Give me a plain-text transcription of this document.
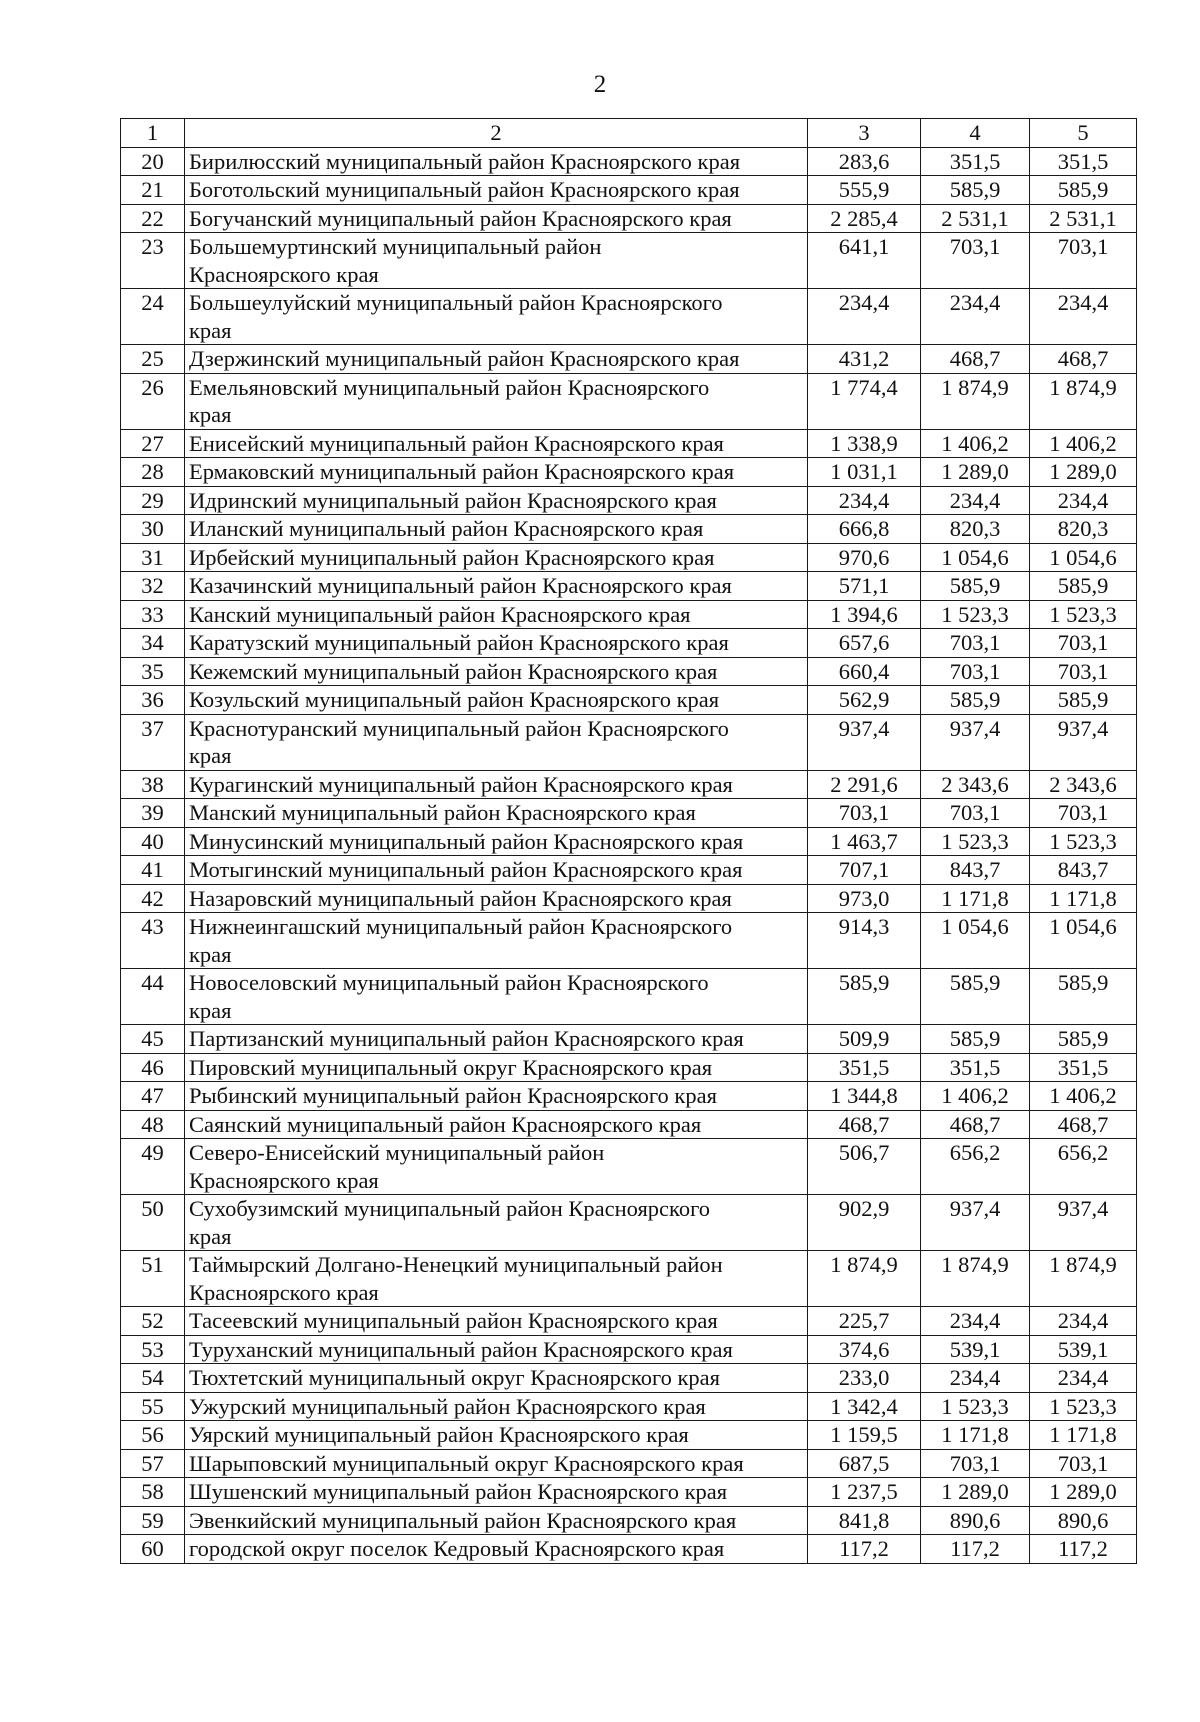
2
1	2	3	4	5
20	Бирилюсский муниципальный район Красноярского края	283,6	351,5	351,5
21	Боготольский муниципальный район Красноярского края	555,9	585,9	585,9
22	Богучанский муниципальный район Красноярского края	2 285,4	2 531,1	2 531,1
23	Большемуртинский муниципальный район
Красноярского края	641,1	703,1	703,1
24	Большеулуйский муниципальный район Красноярского
края	234,4	234,4	234,4
25	Дзержинский муниципальный район Красноярского края	431,2	468,7	468,7
26	Емельяновский муниципальный район Красноярского
края	1 774,4	1 874,9	1 874,9
27	Енисейский муниципальный район Красноярского края	1 338,9	1 406,2	1 406,2
28	Ермаковский муниципальный район Красноярского края	1 031,1	1 289,0	1 289,0
29	Идринский муниципальный район Красноярского края	234,4	234,4	234,4
30	Иланский муниципальный район Красноярского края	666,8	820,3	820,3
31	Ирбейский муниципальный район Красноярского края	970,6	1 054,6	1 054,6
32	Казачинский муниципальный район Красноярского края	571,1	585,9	585,9
33	Канский муниципальный район Красноярского края	1 394,6	1 523,3	1 523,3
34	Каратузский муниципальный район Красноярского края	657,6	703,1	703,1
35	Кежемский муниципальный район Красноярского края	660,4	703,1	703,1
36	Козульский муниципальный район Красноярского края	562,9	585,9	585,9
37	Краснотуранский муниципальный район Красноярского
края	937,4	937,4	937,4
38	Курагинский муниципальный район Красноярского края	2 291,6	2 343,6	2 343,6
39	Манский муниципальный район Красноярского края	703,1	703,1	703,1
40	Минусинский муниципальный район Красноярского края	1 463,7	1 523,3	1 523,3
41	Мотыгинский муниципальный район Красноярского края	707,1	843,7	843,7
42	Назаровский муниципальный район Красноярского края	973,0	1 171,8	1 171,8
43	Нижнеингашский муниципальный район Красноярского
края	914,3	1 054,6	1 054,6
44	Новоселовский муниципальный район Красноярского
края	585,9	585,9	585,9
45	Партизанский муниципальный район Красноярского края	509,9	585,9	585,9
46	Пировский муниципальный округ Красноярского края	351,5	351,5	351,5
47	Рыбинский муниципальный район Красноярского края	1 344,8	1 406,2	1 406,2
48	Саянский муниципальный район Красноярского края	468,7	468,7	468,7
49	Северо-Енисейский муниципальный район
Красноярского края	506,7	656,2	656,2
50	Сухобузимский муниципальный район Красноярского
края	902,9	937,4	937,4
51	Таймырский Долгано-Ненецкий муниципальный район
Красноярского края	1 874,9	1 874,9	1 874,9
52	Тасеевский муниципальный район Красноярского края	225,7	234,4	234,4
53	Туруханский муниципальный район Красноярского края	374,6	539,1	539,1
54	Тюхтетский муниципальный округ Красноярского края	233,0	234,4	234,4
55	Ужурский муниципальный район Красноярского края	1 342,4	1 523,3	1 523,3
56	Уярский муниципальный район Красноярского края	1 159,5	1 171,8	1 171,8
57	Шарыповский муниципальный округ Красноярского края	687,5	703,1	703,1
58	Шушенский муниципальный район Красноярского края	1 237,5	1 289,0	1 289,0
59	Эвенкийский муниципальный район Красноярского края	841,8	890,6	890,6
60	городской округ поселок Кедровый Красноярского края	117,2	117,2	117,2
